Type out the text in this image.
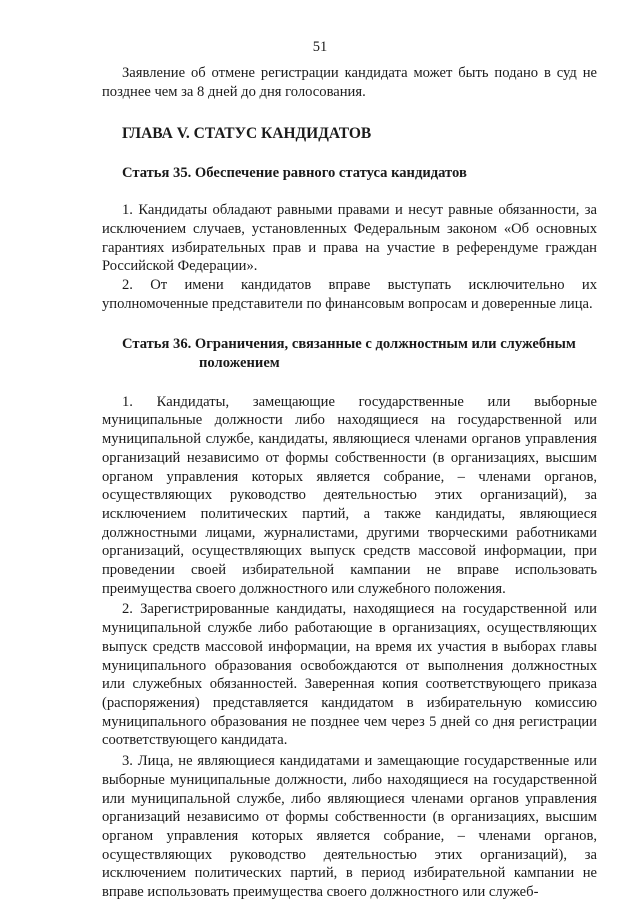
51

Заявление об отмене регистрации кандидата может быть подано в суд не позднее чем за 8 дней до дня голосования.

ГЛАВА V. СТАТУС КАНДИДАТОВ
Статья 35. Обеспечение равного статуса кандидатов

1. Кандидаты обладают равными правами и несут равные обязанности, за исключением случаев, установленных Федеральным законом «Об основных гарантиях избирательных прав и права на участие в референдуме граждан Российской Федерации».

2. От имени кандидатов вправе выступать исключительно их уполномоченные представители по финансовым вопросам и доверенные лица.

Статья 36. Ограничения, связанные с должностным или служебным
положением

1. Кандидаты, замещающие государственные или выборные муниципальные должности либо находящиеся на государственной или муниципальной службе, кандидаты, являющиеся членами органов управления организаций независимо от формы собственности (в организациях, высшим органом управления которых является собрание, – членами органов, осуществляющих руководство деятельностью этих организаций), за исключением политических партий, а также кандидаты, являющиеся должностными лицами, журналистами, другими творческими работниками организаций, осуществляющих выпуск средств массовой информации, при проведении своей избирательной кампании не вправе использовать преимущества своего должностного или служебного положения.

2. Зарегистрированные кандидаты, находящиеся на государственной или муниципальной службе либо работающие в организациях, осуществляющих выпуск средств массовой информации, на время их участия в выборах главы муниципального образования освобождаются от выполнения должностных или служебных обязанностей. Заверенная копия соответствующего приказа (распоряжения) представляется кандидатом в избирательную комиссию муниципального образования не позднее чем через 5 дней со дня регистрации соответствующего кандидата.

3. Лица, не являющиеся кандидатами и замещающие государственные или выборные муниципальные должности, либо находящиеся на государственной или муниципальной службе, либо являющиеся членами органов управления организаций независимо от формы собственности (в организациях, высшим органом управления которых является собрание, – членами органов, осуществляющих руководство деятельностью этих организаций), за исключением политических партий, в период избирательной кампании не вправе использовать преимущества своего должностного или служеб-
